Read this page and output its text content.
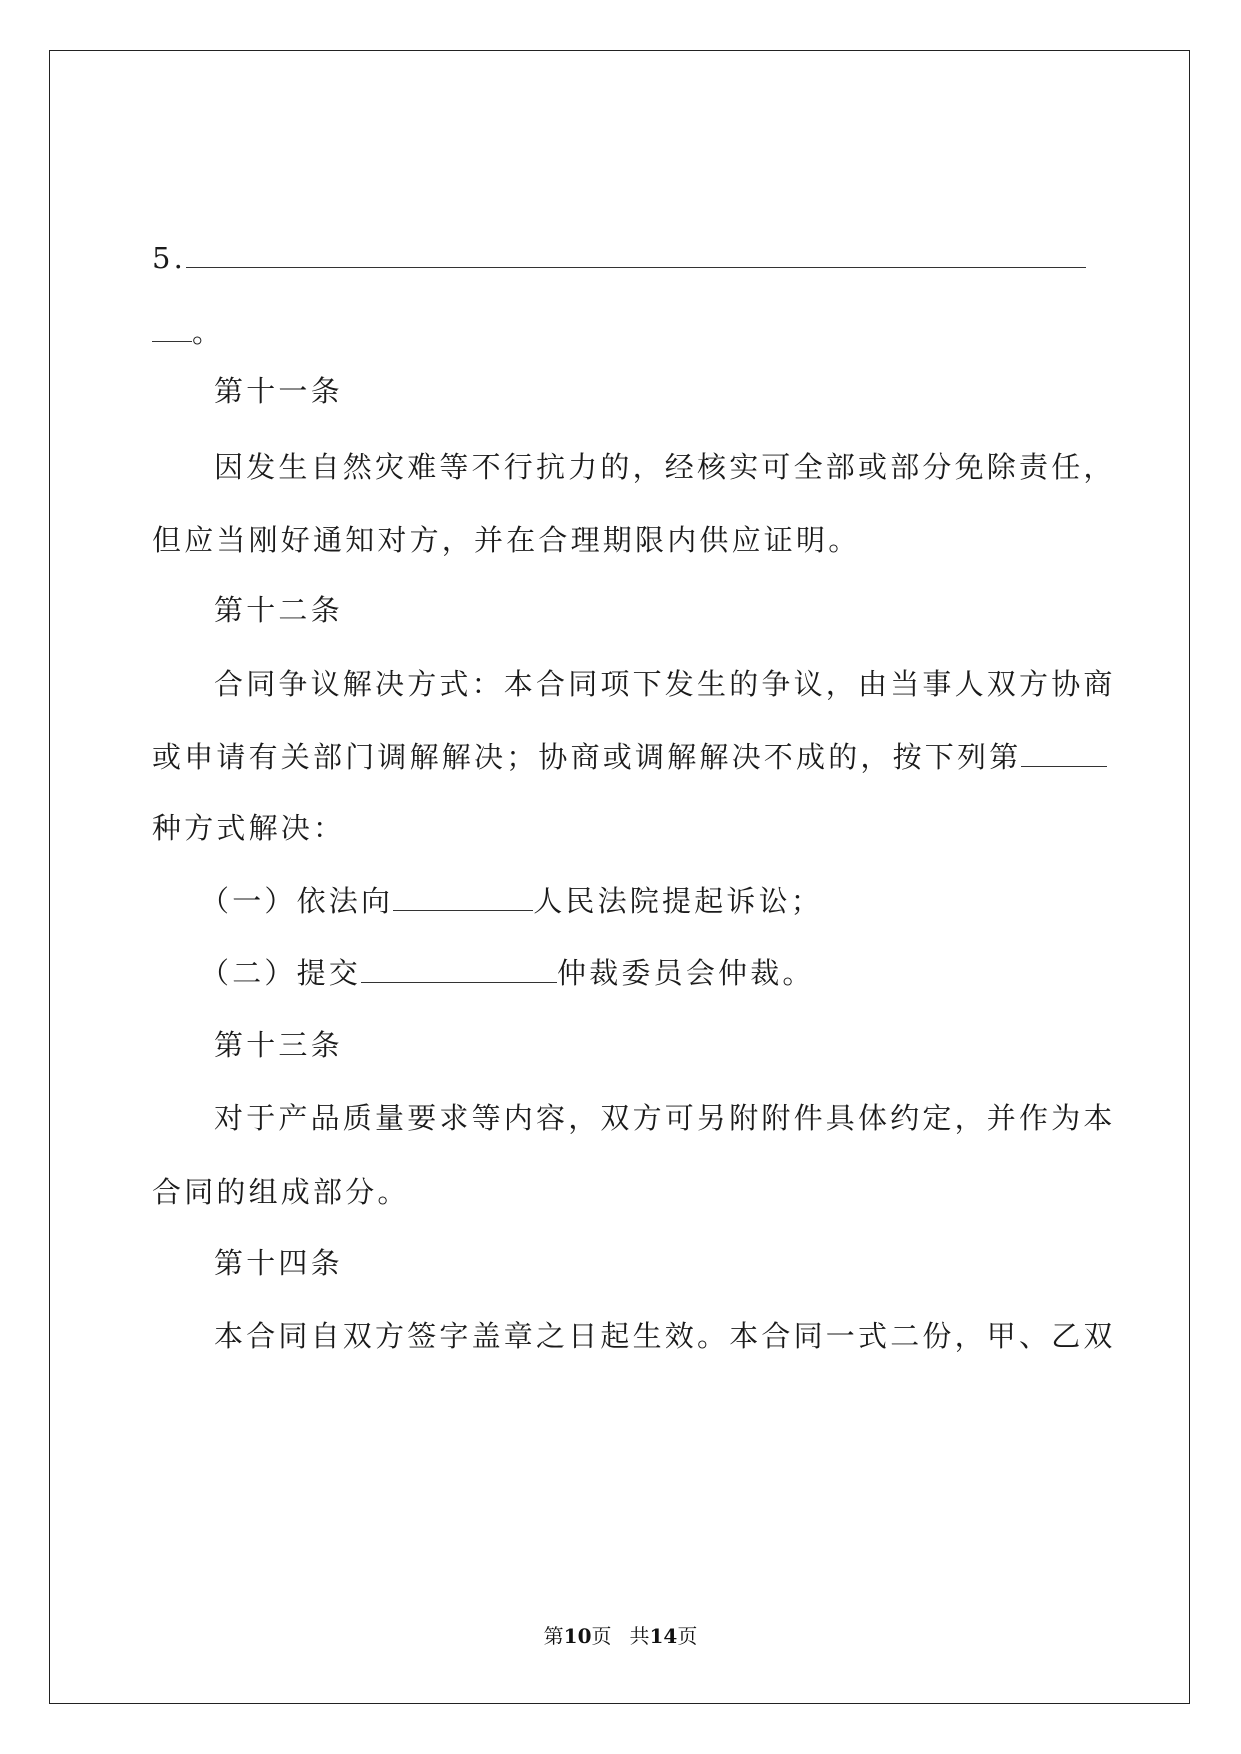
5.
。
第十一条
因发生自然灾难等不行抗力的，经核实可全部或部分免除责任，
但应当刚好通知对方，并在合理期限内供应证明。
第十二条
合同争议解决方式：本合同项下发生的争议，由当事人双方协商
或申请有关部门调解解决；协商或调解解决不成的，按下列第
种方式解决：
（一）依法向	人民法院提起诉讼；
（二）提交	仲裁委员会仲裁。
第十三条
对于产品质量要求等内容，双方可另附附件具体约定，并作为本
合同的组成部分。
第十四条
本合同自双方签字盖章之日起生效。本合同一式二份，甲、乙双
第10页 共14页
